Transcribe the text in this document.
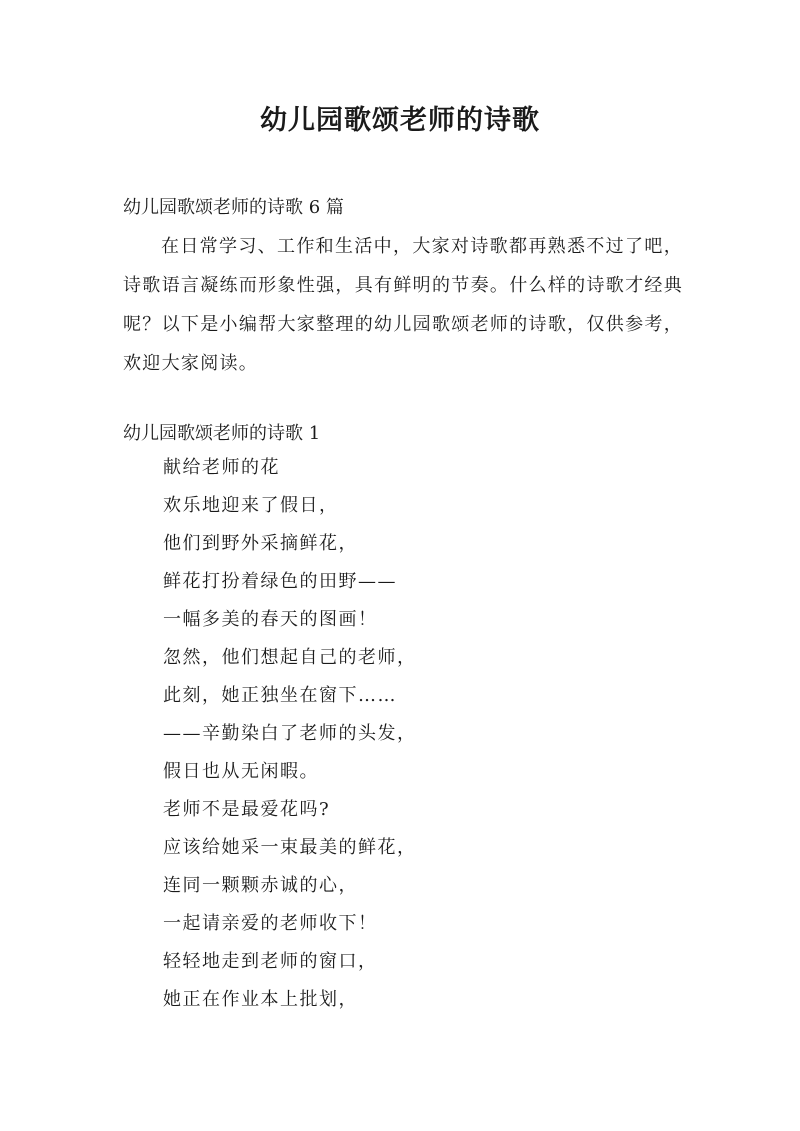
幼儿园歌颂老师的诗歌

幼儿园歌颂老师的诗歌 6 篇

在日常学习、工作和生活中，大家对诗歌都再熟悉不过了吧，诗歌语言凝练而形象性强，具有鲜明的节奏。什么样的诗歌才经典呢？以下是小编帮大家整理的幼儿园歌颂老师的诗歌，仅供参考，欢迎大家阅读。

幼儿园歌颂老师的诗歌 1

献给老师的花
欢乐地迎来了假日，
他们到野外采摘鲜花，
鲜花打扮着绿色的田野——
一幅多美的春天的图画！
忽然，他们想起自己的老师，
此刻，她正独坐在窗下……
——辛勤染白了老师的头发，
假日也从无闲暇。
老师不是最爱花吗?
应该给她采一束最美的鲜花，
连同一颗颗赤诚的心，
一起请亲爱的老师收下！
轻轻地走到老师的窗口，
她正在作业本上批划，
